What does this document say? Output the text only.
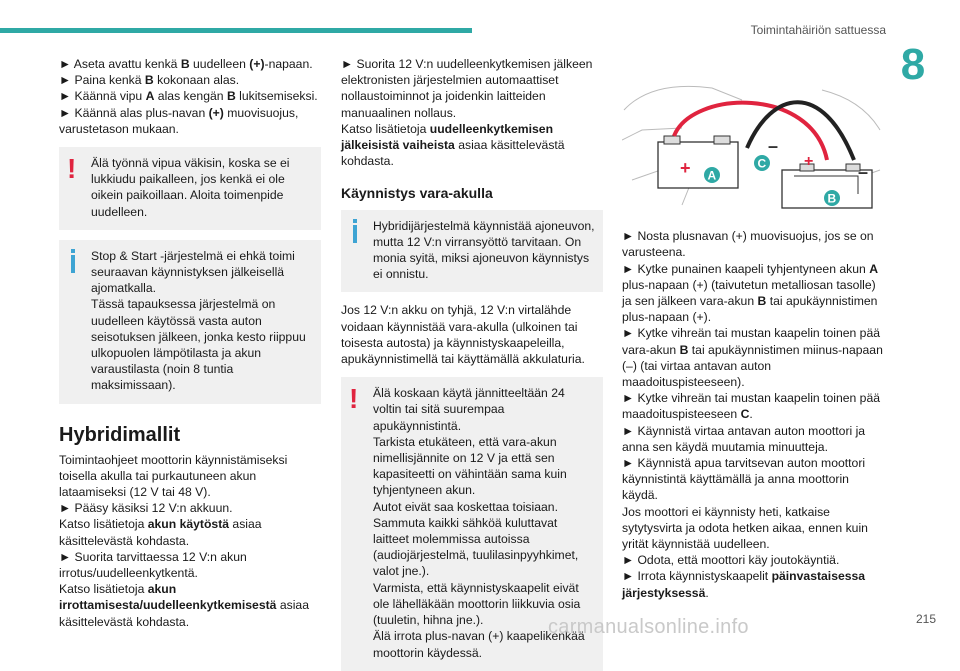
Toimintahäiriön sattuessa
8

► Aseta avattu kenkä B uudelleen (+)-napaan.

► Paina kenkä B kokonaan alas.

► Käännä vipu A alas kengän B lukitsemiseksi.

► Käännä alas plus-navan (+) muovisuojus, varustetason mukaan.

!	Älä työnnä vipua väkisin, koska se ei lukkiudu paikalleen, jos kenkä ei ole oikein paikoillaan. Aloita toimenpide uudelleen.

Stop & Start -järjestelmä ei ehkä toimi seuraavan käynnistyksen jälkeisellä ajomatkalla.
Tässä tapauksessa järjestelmä on uudelleen käytössä vasta auton seisotuksen jälkeen, jonka kesto riippuu ulkopuolen lämpötilasta ja akun varaustilasta (noin 8 tuntia maksimissaan).

Hybridimallit

Toimintaohjeet moottorin käynnistämiseksi toisella akulla tai purkautuneen akun lataamiseksi (12 V tai 48 V).

► Pääsy käsiksi 12 V:n akkuun.

Katso lisätietoja akun käytöstä asiaa käsittelevästä kohdasta.

► Suorita tarvittaessa 12 V:n akun irrotus/uudelleenkytkentä.

Katso lisätietoja akun irrottamisesta/uudelleenkytkemisestä asiaa käsittelevästä kohdasta.

► Suorita 12 V:n uudelleenkytkemisen jälkeen elektronisten järjestelmien automaattiset nollaustoiminnot ja joidenkin laitteiden manuaalinen nollaus.

Katso lisätietoja uudelleenkytkemisen jälkeisistä vaiheista asiaa käsittelevästä kohdasta.

Käynnistys vara-akulla

Hybridijärjestelmä käynnistää ajoneuvon, mutta 12 V:n virransyöttö tarvitaan. On monia syitä, miksi ajoneuvon käynnistys ei onnistu.

Jos 12 V:n akku on tyhjä, 12 V:n virtalähde voidaan käynnistää vara-akulla (ulkoinen tai toisesta autosta) ja käynnistyskaapeleilla, apukäynnistimellä tai käyttämällä akkulaturia.

!	Älä koskaan käytä jännitteeltään 24 voltin tai sitä suurempaa apukäynnistintä.
Tarkista etukäteen, että vara-akun nimellisjännite on 12 V ja että sen kapasiteetti on vähintään sama kuin tyhjentyneen akun.
Autot eivät saa koskettaa toisiaan.
Sammuta kaikki sähköä kuluttavat laitteet molemmissa autoissa (audiojärjestelmä, tuulilasinpyyhkimet, valot jne.).
Varmista, että käynnistyskaapelit eivät ole lähelläkään moottorin liikkuvia osia (tuuletin, hihna jne.).
Älä irrota plus-navan (+) kaapelikenkää moottorin käydessä.

+	+
–
–
A
C
B

► Nosta plusnavan (+) muovisuojus, jos se on varusteena.

► Kytke punainen kaapeli tyhjentyneen akun A plus-napaan (+) (taivutetun metalliosan tasolle) ja sen jälkeen vara-akun B tai apukäynnistimen plus-napaan (+).

► Kytke vihreän tai mustan kaapelin toinen pää vara-akun B tai apukäynnistimen miinus-napaan (–) (tai virtaa antavan auton maadoituspisteeseen).

► Kytke vihreän tai mustan kaapelin toinen pää maadoituspisteeseen C.

► Käynnistä virtaa antavan auton moottori ja anna sen käydä muutamia minuutteja.

► Käynnistä apua tarvitsevan auton moottori käynnistintä käyttämällä ja anna moottorin käydä.

Jos moottori ei käynnisty heti, katkaise sytytysvirta ja odota hetken aikaa, ennen kuin yrität käynnistää uudelleen.

► Odota, että moottori käy joutokäyntiä.

► Irrota käynnistyskaapelit päinvastaisessa järjestyksessä.

carmanualsonline.info	215
